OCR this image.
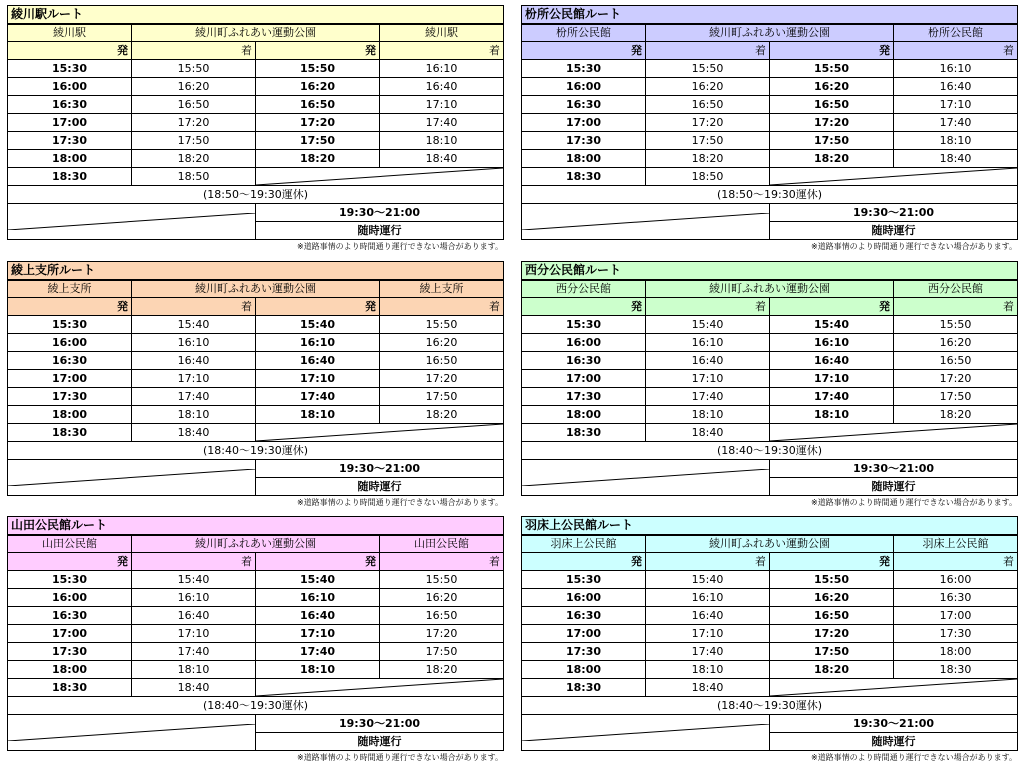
綾川駅ルート			
綾川駅	綾川町ふれあい運動公園		綾川駅
発	着	発	着
15:30	15:50	15:50	16:10
16:00	16:20	16:20	16:40
16:30	16:50	16:50	17:10
17:00	17:20	17:20	17:40
17:30	17:50	17:50	18:10
18:00	18:20	18:20	18:40
18:30	18:50	

(18:50～19:30運休)			

	19:30～21:00	
		随時運行	
※道路事情のより時間通り運行できない場合があります。
枌所公民館ルート			
枌所公民館	綾川町ふれあい運動公園		枌所公民館
発	着	発	着
15:30	15:50	15:50	16:10
16:00	16:20	16:20	16:40
16:30	16:50	16:50	17:10
17:00	17:20	17:20	17:40
17:30	17:50	17:50	18:10
18:00	18:20	18:20	18:40
18:30	18:50	

(18:50～19:30運休)			

	19:30～21:00	
		随時運行	
※道路事情のより時間通り運行できない場合があります。
綾上支所ルート			
綾上支所	綾川町ふれあい運動公園		綾上支所
発	着	発	着
15:30	15:40	15:40	15:50
16:00	16:10	16:10	16:20
16:30	16:40	16:40	16:50
17:00	17:10	17:10	17:20
17:30	17:40	17:40	17:50
18:00	18:10	18:10	18:20
18:30	18:40	

(18:40～19:30運休)			

	19:30～21:00	
		随時運行	
※道路事情のより時間通り運行できない場合があります。
西分公民館ルート			
西分公民館	綾川町ふれあい運動公園		西分公民館
発	着	発	着
15:30	15:40	15:40	15:50
16:00	16:10	16:10	16:20
16:30	16:40	16:40	16:50
17:00	17:10	17:10	17:20
17:30	17:40	17:40	17:50
18:00	18:10	18:10	18:20
18:30	18:40	

(18:40～19:30運休)			

	19:30～21:00	
		随時運行	
※道路事情のより時間通り運行できない場合があります。
山田公民館ルート			
山田公民館	綾川町ふれあい運動公園		山田公民館
発	着	発	着
15:30	15:40	15:40	15:50
16:00	16:10	16:10	16:20
16:30	16:40	16:40	16:50
17:00	17:10	17:10	17:20
17:30	17:40	17:40	17:50
18:00	18:10	18:10	18:20
18:30	18:40	

(18:40～19:30運休)			

	19:30～21:00	
		随時運行	
※道路事情のより時間通り運行できない場合があります。
羽床上公民館ルート			
羽床上公民館	綾川町ふれあい運動公園		羽床上公民館
発	着	発	着
15:30	15:40	15:50	16:00
16:00	16:10	16:20	16:30
16:30	16:40	16:50	17:00
17:00	17:10	17:20	17:30
17:30	17:40	17:50	18:00
18:00	18:10	18:20	18:30
18:30	18:40	

(18:40～19:30運休)			

	19:30～21:00	
		随時運行	
※道路事情のより時間通り運行できない場合があります。
